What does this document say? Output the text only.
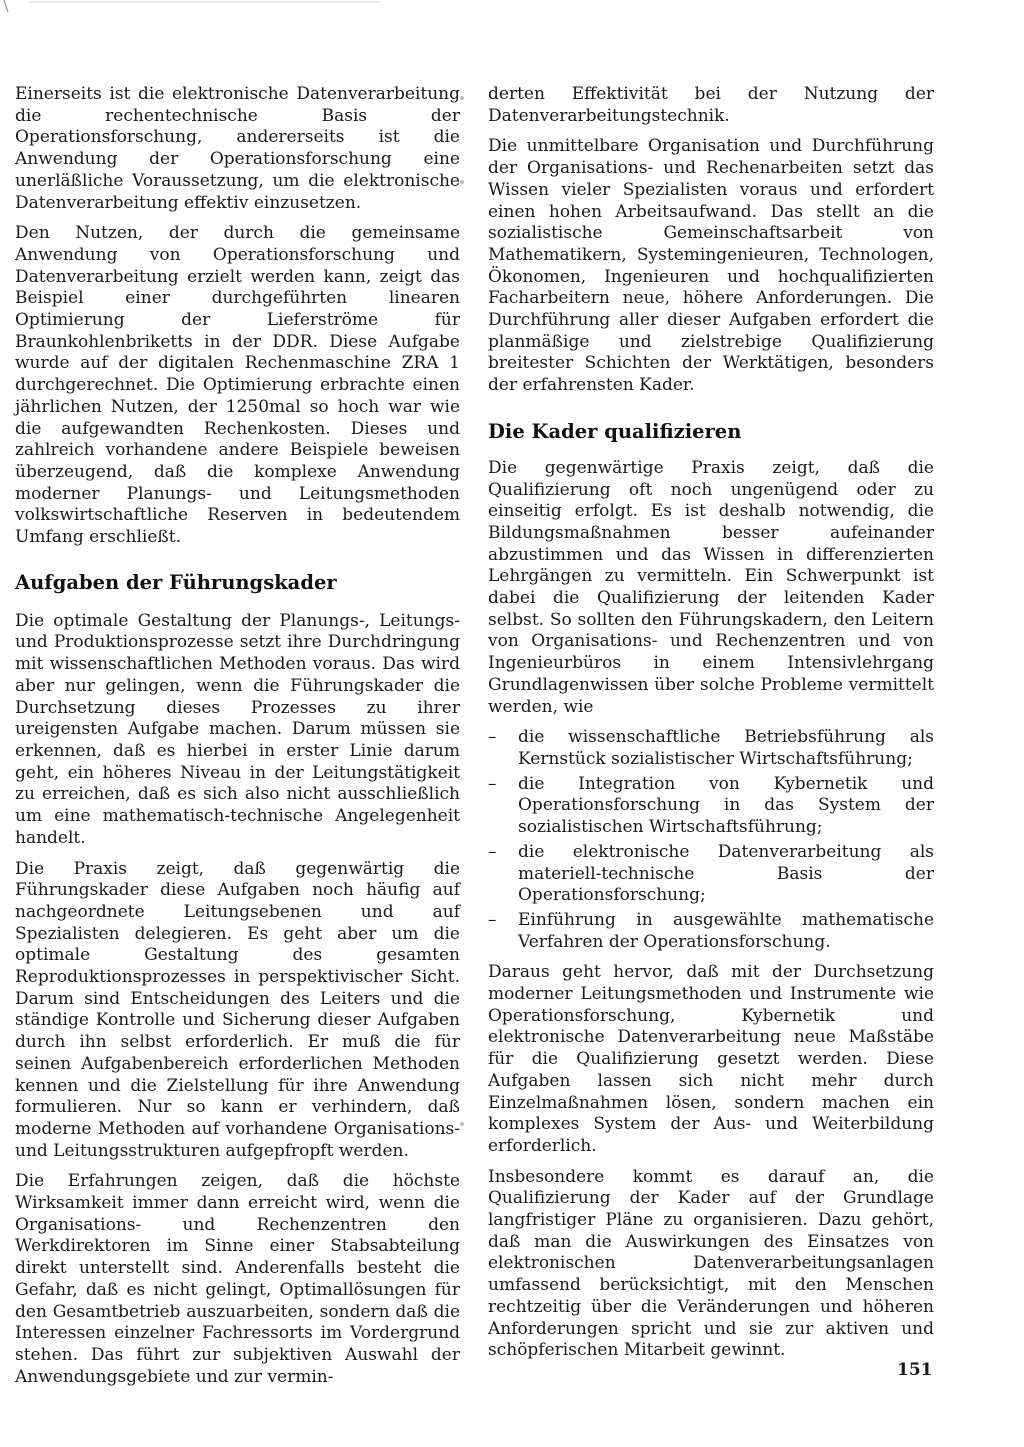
Einerseits ist die elektronische Datenverarbeitung die rechentechnische Basis der Operationsforschung, andererseits ist die Anwendung der Operationsforschung eine unerläßliche Voraussetzung, um die elektronische Datenverarbeitung effektiv einzusetzen.

Den Nutzen, der durch die gemeinsame Anwendung von Operationsforschung und Datenverarbeitung erzielt werden kann, zeigt das Beispiel einer durchgeführten linearen Optimierung der Lieferströme für Braunkohlenbriketts in der DDR. Diese Aufgabe wurde auf der digitalen Rechenmaschine ZRA 1 durchgerechnet. Die Optimierung erbrachte einen jährlichen Nutzen, der 1250mal so hoch war wie die aufgewandten Rechenkosten. Dieses und zahlreich vorhandene andere Beispiele beweisen überzeugend, daß die komplexe Anwendung moderner Planungs- und Leitungsmethoden volkswirtschaftliche Reserven in bedeutendem Umfang erschließt.

Aufgaben der Führungskader

Die optimale Gestaltung der Planungs-, Leitungs- und Produktionsprozesse setzt ihre Durchdringung mit wissenschaftlichen Methoden voraus. Das wird aber nur gelingen, wenn die Führungskader die Durchsetzung dieses Prozesses zu ihrer ureigensten Aufgabe machen. Darum müssen sie erkennen, daß es hierbei in erster Linie darum geht, ein höheres Niveau in der Leitungstätigkeit zu erreichen, daß es sich also nicht ausschließlich um eine mathematisch-technische Angelegenheit handelt.

Die Praxis zeigt, daß gegenwärtig die Führungskader diese Aufgaben noch häufig auf nachgeordnete Leitungsebenen und auf Spezialisten delegieren. Es geht aber um die optimale Gestaltung des gesamten Reproduktionsprozesses in perspektivischer Sicht. Darum sind Entscheidungen des Leiters und die ständige Kontrolle und Sicherung dieser Aufgaben durch ihn selbst erforderlich. Er muß die für seinen Aufgabenbereich erforderlichen Methoden kennen und die Zielstellung für ihre Anwendung formulieren. Nur so kann er verhindern, daß moderne Methoden auf vorhandene Organisations- und Leitungsstrukturen aufgepfropft werden.

Die Erfahrungen zeigen, daß die höchste Wirksamkeit immer dann erreicht wird, wenn die Organisations- und Rechenzentren den Werkdirektoren im Sinne einer Stabsabteilung direkt unterstellt sind. Anderenfalls besteht die Gefahr, daß es nicht gelingt, Optimallösungen für den Gesamtbetrieb auszuarbeiten, sondern daß die Interessen einzelner Fachressorts im Vordergrund stehen. Das führt zur subjektiven Auswahl der Anwendungsgebiete und zur vermin-

derten Effektivität bei der Nutzung der Datenverarbeitungstechnik.

Die unmittelbare Organisation und Durchführung der Organisations- und Rechenarbeiten setzt das Wissen vieler Spezialisten voraus und erfordert einen hohen Arbeitsaufwand. Das stellt an die sozialistische Gemeinschaftsarbeit von Mathematikern, Systemingenieuren, Technologen, Ökonomen, Ingenieuren und hochqualifizierten Facharbeitern neue, höhere Anforderungen. Die Durchführung aller dieser Aufgaben erfordert die planmäßige und zielstrebige Qualifizierung breitester Schichten der Werktätigen, besonders der erfahrensten Kader.

Die Kader qualifizieren

Die gegenwärtige Praxis zeigt, daß die Qualifizierung oft noch ungenügend oder zu einseitig erfolgt. Es ist deshalb notwendig, die Bildungsmaßnahmen besser aufeinander abzustimmen und das Wissen in differenzierten Lehrgängen zu vermitteln. Ein Schwerpunkt ist dabei die Qualifizierung der leitenden Kader selbst. So sollten den Führungskadern, den Leitern von Organisations- und Rechenzentren und von Ingenieurbüros in einem Intensivlehrgang Grundlagenwissen über solche Probleme vermittelt werden, wie

– die wissenschaftliche Betriebsführung als Kernstück sozialistischer Wirtschaftsführung;
– die Integration von Kybernetik und Operationsforschung in das System der sozialistischen Wirtschaftsführung;
– die elektronische Datenverarbeitung als materiell-technische Basis der Operationsforschung;
– Einführung in ausgewählte mathematische Verfahren der Operationsforschung.

Daraus geht hervor, daß mit der Durchsetzung moderner Leitungsmethoden und Instrumente wie Operationsforschung, Kybernetik und elektronische Datenverarbeitung neue Maßstäbe für die Qualifizierung gesetzt werden. Diese Aufgaben lassen sich nicht mehr durch Einzelmaßnahmen lösen, sondern machen ein komplexes System der Aus- und Weiterbildung erforderlich.

Insbesondere kommt es darauf an, die Qualifizierung der Kader auf der Grundlage langfristiger Pläne zu organisieren. Dazu gehört, daß man die Auswirkungen des Einsatzes von elektronischen Datenverarbeitungsanlagen umfassend berücksichtigt, mit den Menschen rechtzeitig über die Veränderungen und höheren Anforderungen spricht und sie zur aktiven und schöpferischen Mitarbeit gewinnt.

151
